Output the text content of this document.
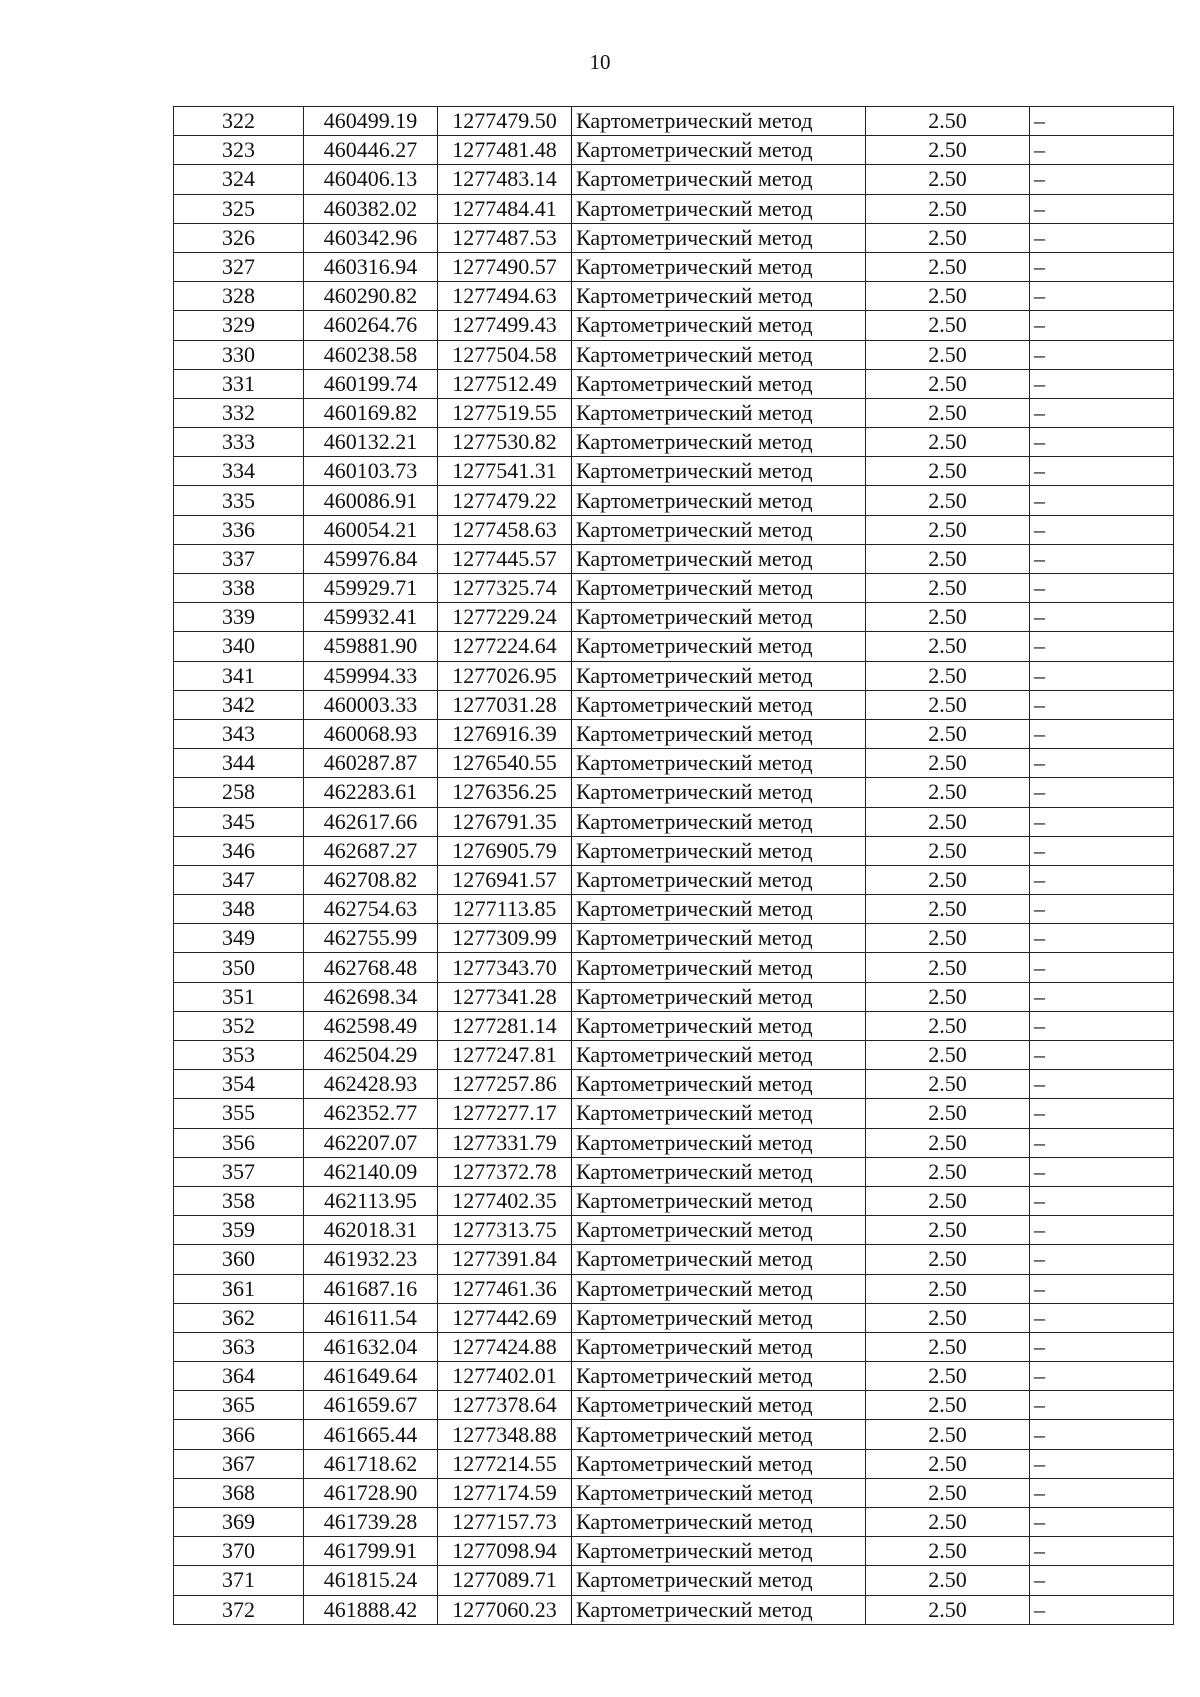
10
322	460499.19	1277479.50	Картометрический метод	2.50	–
323	460446.27	1277481.48	Картометрический метод	2.50	–
324	460406.13	1277483.14	Картометрический метод	2.50	–
325	460382.02	1277484.41	Картометрический метод	2.50	–
326	460342.96	1277487.53	Картометрический метод	2.50	–
327	460316.94	1277490.57	Картометрический метод	2.50	–
328	460290.82	1277494.63	Картометрический метод	2.50	–
329	460264.76	1277499.43	Картометрический метод	2.50	–
330	460238.58	1277504.58	Картометрический метод	2.50	–
331	460199.74	1277512.49	Картометрический метод	2.50	–
332	460169.82	1277519.55	Картометрический метод	2.50	–
333	460132.21	1277530.82	Картометрический метод	2.50	–
334	460103.73	1277541.31	Картометрический метод	2.50	–
335	460086.91	1277479.22	Картометрический метод	2.50	–
336	460054.21	1277458.63	Картометрический метод	2.50	–
337	459976.84	1277445.57	Картометрический метод	2.50	–
338	459929.71	1277325.74	Картометрический метод	2.50	–
339	459932.41	1277229.24	Картометрический метод	2.50	–
340	459881.90	1277224.64	Картометрический метод	2.50	–
341	459994.33	1277026.95	Картометрический метод	2.50	–
342	460003.33	1277031.28	Картометрический метод	2.50	–
343	460068.93	1276916.39	Картометрический метод	2.50	–
344	460287.87	1276540.55	Картометрический метод	2.50	–
258	462283.61	1276356.25	Картометрический метод	2.50	–
345	462617.66	1276791.35	Картометрический метод	2.50	–
346	462687.27	1276905.79	Картометрический метод	2.50	–
347	462708.82	1276941.57	Картометрический метод	2.50	–
348	462754.63	1277113.85	Картометрический метод	2.50	–
349	462755.99	1277309.99	Картометрический метод	2.50	–
350	462768.48	1277343.70	Картометрический метод	2.50	–
351	462698.34	1277341.28	Картометрический метод	2.50	–
352	462598.49	1277281.14	Картометрический метод	2.50	–
353	462504.29	1277247.81	Картометрический метод	2.50	–
354	462428.93	1277257.86	Картометрический метод	2.50	–
355	462352.77	1277277.17	Картометрический метод	2.50	–
356	462207.07	1277331.79	Картометрический метод	2.50	–
357	462140.09	1277372.78	Картометрический метод	2.50	–
358	462113.95	1277402.35	Картометрический метод	2.50	–
359	462018.31	1277313.75	Картометрический метод	2.50	–
360	461932.23	1277391.84	Картометрический метод	2.50	–
361	461687.16	1277461.36	Картометрический метод	2.50	–
362	461611.54	1277442.69	Картометрический метод	2.50	–
363	461632.04	1277424.88	Картометрический метод	2.50	–
364	461649.64	1277402.01	Картометрический метод	2.50	–
365	461659.67	1277378.64	Картометрический метод	2.50	–
366	461665.44	1277348.88	Картометрический метод	2.50	–
367	461718.62	1277214.55	Картометрический метод	2.50	–
368	461728.90	1277174.59	Картометрический метод	2.50	–
369	461739.28	1277157.73	Картометрический метод	2.50	–
370	461799.91	1277098.94	Картометрический метод	2.50	–
371	461815.24	1277089.71	Картометрический метод	2.50	–
372	461888.42	1277060.23	Картометрический метод	2.50	–
